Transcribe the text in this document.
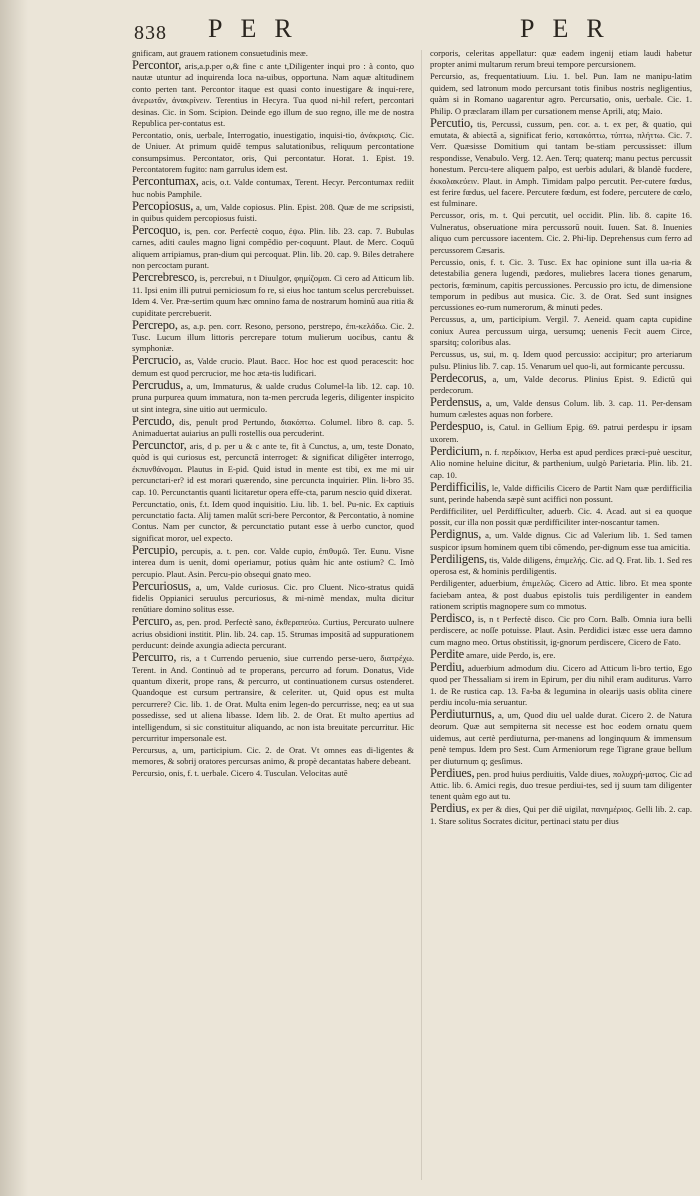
838 PER	PER

gnificam, aut grauem rationem consuetudinis meæ.

Percontor, aris,a.p.per o,& fine c ante t,Diligenter inqui pro : à conto, quo nautæ utuntur ad inquirenda loca na-uibus, opportuna. Nam aquæ altitudinem conto perten tant. Percontor itaque est quasi conto inuestigare & inqui-rere, ἀνερωτᾶν, ἀνακρίνειν. Terentius in Hecyra. Tua quod ni-hil refert, percontari desinas. Cic. in Som. Scipion. Deinde ego illum de suo regno, ille me de nostra Republica per-contatus est.

Percontatio, onis, uerbale, Interrogatio, inuestigatio, inquisi-tio, ἀνάκρισις. Cic. de Uniuer. At primum quidē tempus salutationibus, reliquum percontatione consumpsimus. Percontator, oris, Qui percontatur. Horat. 1. Epist. 19. Percontatorem fugito: nam garrulus idem est.

Percontumax, acis, o.t. Valde contumax, Terent. Hecyr. Percontumax rediit huc nobis Pamphile.

Percopiosus, a, um, Valde copiosus. Plin. Epist. 208. Quæ de me scripsisti, in quibus quidem percopiosus fuisti.

Percoquo, is, pen. cor. Perfectè coquo, ἐψω. Plin. lib. 23. cap. 7. Bubulas carnes, aditi caules magno ligni compēdio per-coquunt. Plaut. de Merc. Coquū aliquem arripiamus, pran-dium qui percoquat. Plin. lib. 20. cap. 9. Biles detrahere non percoctam purant.

Percrebresco, is, percrebui, n t Diuulgor, φημίζομαι. Ci cero ad Atticum lib. 11. Ipsi enim illi putrui perniciosum fo re, si eius hoc tantum scelus percrebuisset. Idem 4. Ver. Præ-sertim quum hæc omnino fama de nostrarum hominū aua ritia & cupiditate percrebuerit.

Percrepo, as, a.p. pen. corr. Resono, persono, perstrepo, ἐπι-κελάδω. Cic. 2. Tusc. Lucum illum littoris percrepare totum mulierum uocibus, cantu & symphoniæ.

Percrucio, as, Valde crucio. Plaut. Bacc. Hoc hoc est quod peracescit: hoc demum est quod percrucior, me hoc æta-tis ludificari.

Percrudus, a, um, Immaturus, & ualde crudus Columel-la lib. 12. cap. 10. pruna purpurea quum immatura, non ta-men percruda legeris, diligenter inspicito ut sint integra, sine uitio aut uermiculo.

Percudo, dis, penult prod Pertundo, διακόπτω. Columel. libro 8. cap. 5. Animaduertat auiarius an pulli rostellis oua percuderint.

Percunctor, aris, d p. per u & c ante te, fit à Cunctus, a, um, teste Donato, quòd is qui curiosus est, percunctā interroget: & significat diligēter interrogo, ἐκπυνθάνομαι. Plautus in E-pid. Quid istud in mente est tibi, ex me mi uir percunctari-er? id est morari quærendo, sine percuncta inquirier. Plin. li-bro 35. cap. 10. Percunctantis quanti licitaretur opera effe-cta, parum nescio quid dixerat.

Percunctatio, onis, f.t. Idem quod inquisitio. Liu. lib. 1. bel. Pu-nic. Ex captiuis percunctatio facta. Alij tamen malūt scri-bere Percontor, & Percontatio, à nomine Contus. Nam per cunctor, & percunctatio putant esse à uerbo cunctor, quod significat moror, uel expecto.

Percupio, percupis, a. t. pen. cor. Valde cupio, ἐπιθυμῶ. Ter. Eunu. Visne interea dum is uenit, domi operiamur, potius quàm hic ante ostium? C. Imò percupio. Plaut. Asin. Percu-pio obsequi gnato meo.

Percuriosus, a, um, Valde curiosus. Cic. pro Cluent. Nico-stratus quidā fidelis Oppianici seruulus percuriosus, & mi-nimè mendax, multa dicitur renūtiare domino solitus esse.

Percuro, as, pen. prod. Perfectè sano, ἐκθεραπεύω. Curtius, Percurato uulnere acrius obsidioni institit. Plin. lib. 24. cap. 15. Strumas impositā ad suppurationem perducunt: deinde axungia adiecta percurant.

Percurro, ris, a t Currendo peruenio, siue currendo perse-uero, διατρέχω. Terent. in And. Continuò ad te properans, percurro ad forum. Donatus, Vide quantum dixerit, prope rans, & percurro, ut continuationem cursus ostenderet. Quandoque est cursum pertransire, & celeriter. ut, Quid opus est multa percurrere? Cic. lib. 1. de Orat. Multa enim legen-do percurrisse, neq; ea ut sua possedisse, sed ut aliena libasse. Idem lib. 2. de Orat. Et multo apertius ad intelligendum, si sic constituitur aliquando, ac non ista breuitate percurritur. Hic percurritur impersonale est.

Percursus, a, um, participium. Cic. 2. de Orat. Vt omnes eas di-ligentes & memores, & sobrij oratores percursas animo, & propè decantatas habere debeant.

Percursio, onis, f. t. uerbale. Cicero 4. Tusculan. Velocitas autē

corporis, celeritas appellatur: quæ eadem ingenij etiam laudi habetur propter animi multarum rerum breui tempore percursionem.

Percursio, as, frequentatiuum. Liu. 1. bel. Pun. Iam ne manipu-latim quidem, sed latronum modo percursant totis finibus nostris negligentius, quàm si in Romano uagarentur agro. Percursatio, onis, uerbale. Cic. 1. Philip. O præclaram illam per cursationem mense Aprili, atq; Maio.

Percutio, tis, Percussi, cussum, pen. cor. a. t. ex per, & quatio, qui emutata, & abiectā a, significat ferio, κατακόπτω, τύπτω, πλήττω. Cic. 7. Verr. Quæsisse Domitium qui tantam be-stiam percussisset: illum respondisse, Venabulo. Verg. 12. Aen. Terq; quaterq; manu pectus percussit honestum. Percu-tere aliquem palpo, est uerbis adulari, & blandè fucdere, ἐκκολακεύειν. Plaut. in Amph. Timidam palpo percutit. Per-cutere fœdus, est ferire fœdus, uel facere. Percutere fœdum, est fodere, percutere de cœlo, est fulminare.

Percussor, oris, m. t. Qui percutit, uel occidit. Plin. lib. 8. capite 16. Vulneratus, obseruatione mira percussorū nouit. Iuuen. Sat. 8. Inuenies aliquo cum percussore iacentem. Cic. 2. Phi-lip. Deprehensus cum ferro ad percussorem Cæsaris.

Percussio, onis, f. t. Cic. 3. Tusc. Ex hac opinione sunt illa ua-ria & detestabilia genera lugendi, pædores, muliebres lacera tiones genarum, pectoris, fœminum, capitis percussiones. Percussio pro ictu, de dimensione temporum in pedibus aut musica. Cic. 3. de Orat. Sed sunt insignes percussiones eo-rum numerorum, & minuti pedes.

Percussus, a, um, participium. Vergil. 7. Aeneid. quam capta cupidine coniux Aurea percussum uirga, uersumq; uenenis Fecit auem Circe, sparsitq; coloribus alas.

Percussus, us, sui, m. q. Idem quod percussio: accipitur; pro arteriarum pulsu. Plinius lib. 7. cap. 15. Venarum uel quo-li, aut formicante percussu.

Perdecorus, a, um, Valde decorus. Plinius Epist. 9. Edictū qui perdecorum.

Perdensus, a, um, Valde densus Colum. lib. 3. cap. 11. Per-densam humum cælestes aquas non forbere.

Perdespuo, is, Catul. in Gellium Epig. 69. patrui perdespu ir ipsam uxorem.

Perdicium, n. f. περδίκιον, Herba est apud perdices præci-puè uescitur, Alio nomine heluine dicitur, & parthenium, uulgò Parietaria. Plin. lib. 21. cap. 10.

Perdifficilis, le, Valde difficilis Cicero de Partit Nam quæ perdifficilia sunt, perinde habenda sæpè sunt aciffici non possunt.

Perdifficiliter, uel Perdifficulter, aduerb. Cic. 4. Acad. aut si ea quoque possit, cur illa non possit quæ perdifficiliter inter-noscantur tamen.

Perdignus, a, um. Valde dignus. Cic ad Valerium lib. 1. Sed tamen suspicor ipsum hominem quem tibi cōmendo, per-dignum esse tua amicitia.

Perdiligens, tis, Valde diligens, ἐπιμελής. Cic. ad Q. Frat. lib. 1. Sed res operosa est, & hominis perdiligentis.

Perdiligenter, aduerbium, ἐπιμελῶς. Cicero ad Attic. libro. Et mea sponte faciebam antea, & post duabus epistolis tuis perdiligenter in eandem rationem scriptis magnopere sum co mmotus.

Perdisco, is, n t Perfectè disco. Cic pro Corn. Balb. Omnia iura belli perdiscere, ac noſſe potuisse. Plaut. Asin. Perdidici istæc esse uera damno cum magno meo. Ortus obstitissit, ig-gnorum perdiscere, Cicero de Fato.

Perdite amare, uide Perdo, is, ere.

Perdiu, aduerbium admodum diu. Cicero ad Atticum li-bro tertio, Ego quod per Thessaliam si irem in Epirum, per diu nihil eram auditurus. Varro 1. de Re rustica cap. 13. Fa-ba & legumina in olearijs uasis oblita cinere perdiu incolu-mia seruantur.

Perdiuturnus, a, um, Quod diu uel ualde durat. Cicero 2. de Natura deorum. Quæ aut sempiterna sit necesse est hoc eodem ornatu quem uidemus, aut certè perdiuturna, per-manens ad longinquum & immensum penè tempus. Idem pro Sest. Cum Armeniorum rege Tigrane graue bellum per diuturnum q; gesſimus.

Perdiues, pen. prod huius perdiuitis, Valde diues, πολυχρή-ματος. Cic ad Attic. lib. 6. Amici regis, duo tresue perdiui-tes, sed ij suum tam diligenter tenent quàm ego aut tu.

Perdius, ex per & dies, Qui per diē uigilat, πανημέριος. Gelli lib. 2. cap. 1. Stare solitus Socrates dicitur, pertinaci statu per dius
